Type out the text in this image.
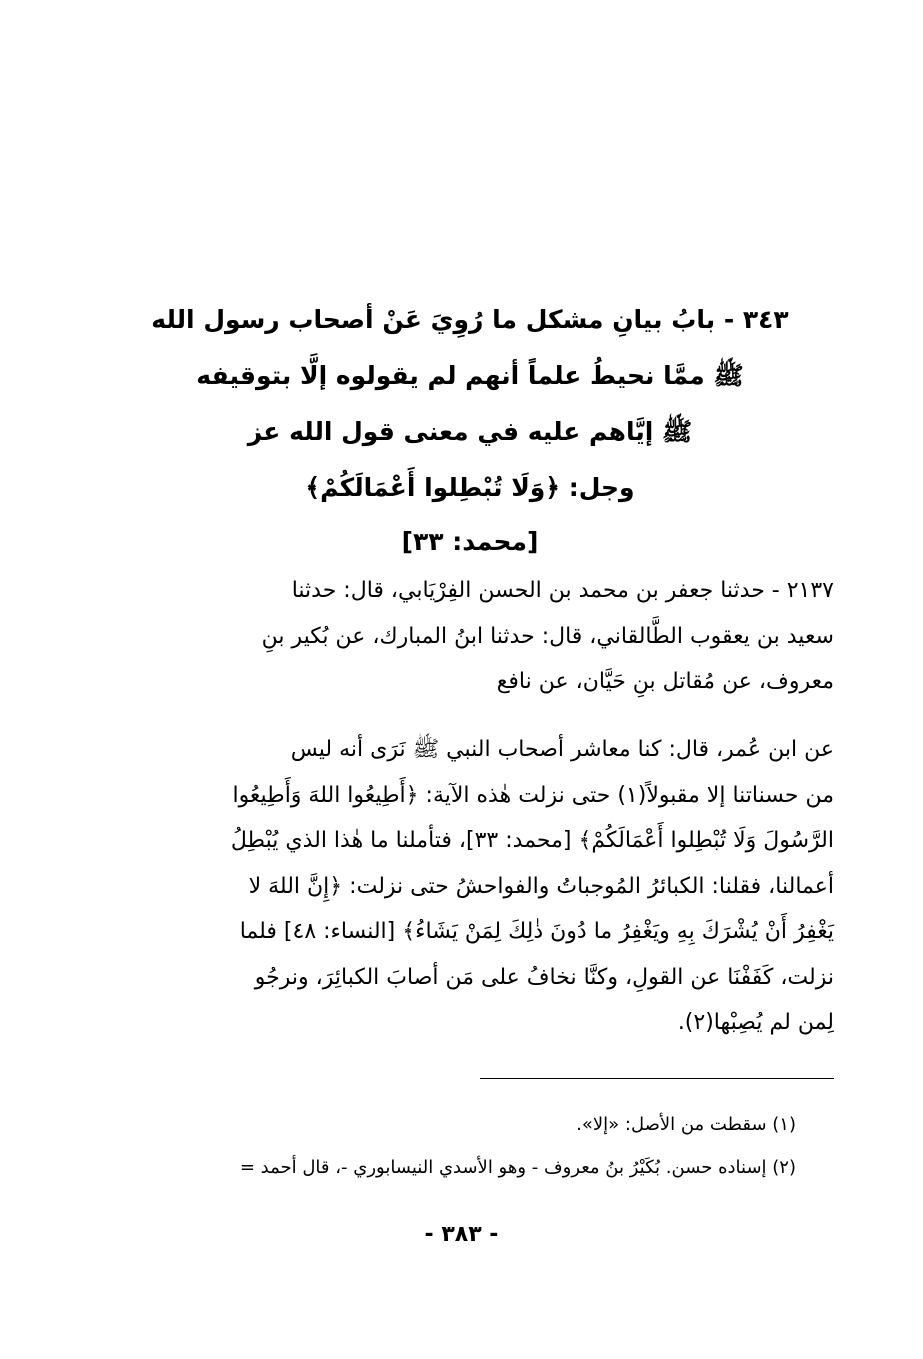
٣٤٣ - بابُ بيانِ مشكل ما رُوِيَ عَنْ أصحاب رسول الله
ﷺ ممَّا نحيطُ علماً أنهم لم يقولوه إلَّا بتوقيفه
ﷺ إيَّاهم عليه في معنى قول الله عز
وجل: ﴿وَلَا تُبْطِلوا أَعْمَالَكُمْ﴾
[محمد: ٣٣]
٢١٣٧ - حدثنا جعفر بن محمد بن الحسن الفِرْيَابي، قال: حدثنا
سعيد بن يعقوب الطَّالقاني، قال: حدثنا ابنُ المبارك، عن بُكير بنِ
معروف، عن مُقاتل بنِ حَيَّان، عن نافع
عن ابن عُمر، قال: كنا معاشر أصحاب النبي ﷺ نَرَى أنه ليس
من حسناتنا إلا مقبولاً(١) حتى نزلت هٰذه الآية: ﴿أَطِيعُوا اللهَ وَأَطِيعُوا
الرَّسُولَ وَلَا تُبْطِلوا أَعْمَالَكُمْ﴾ [محمد: ٣٣]، فتأملنا ما هٰذا الذي يُبْطِلُ
أعمالنا، فقلنا: الكبائرُ المُوجباتُ والفواحشُ حتى نزلت: ﴿إِنَّ اللهَ لا
يَغْفِرُ أَنْ يُشْرَكَ بِهِ ويَغْفِرُ ما دُونَ ذٰلِكَ لِمَنْ يَشَاءُ﴾ [النساء: ٤٨] فلما
نزلت، كَفَفْنَا عن القولِ، وكنَّا نخافُ على مَن أصابَ الكبائِرَ، ونرجُو
لِمن لم يُصِبْها(٢).
(١) سقطت من الأصل: «إلا».
(٢) إسناده حسن. بُكَيْرُ بنُ معروف - وهو الأسدي النيسابوري -، قال أحمد =
- ٣٨٣ -
